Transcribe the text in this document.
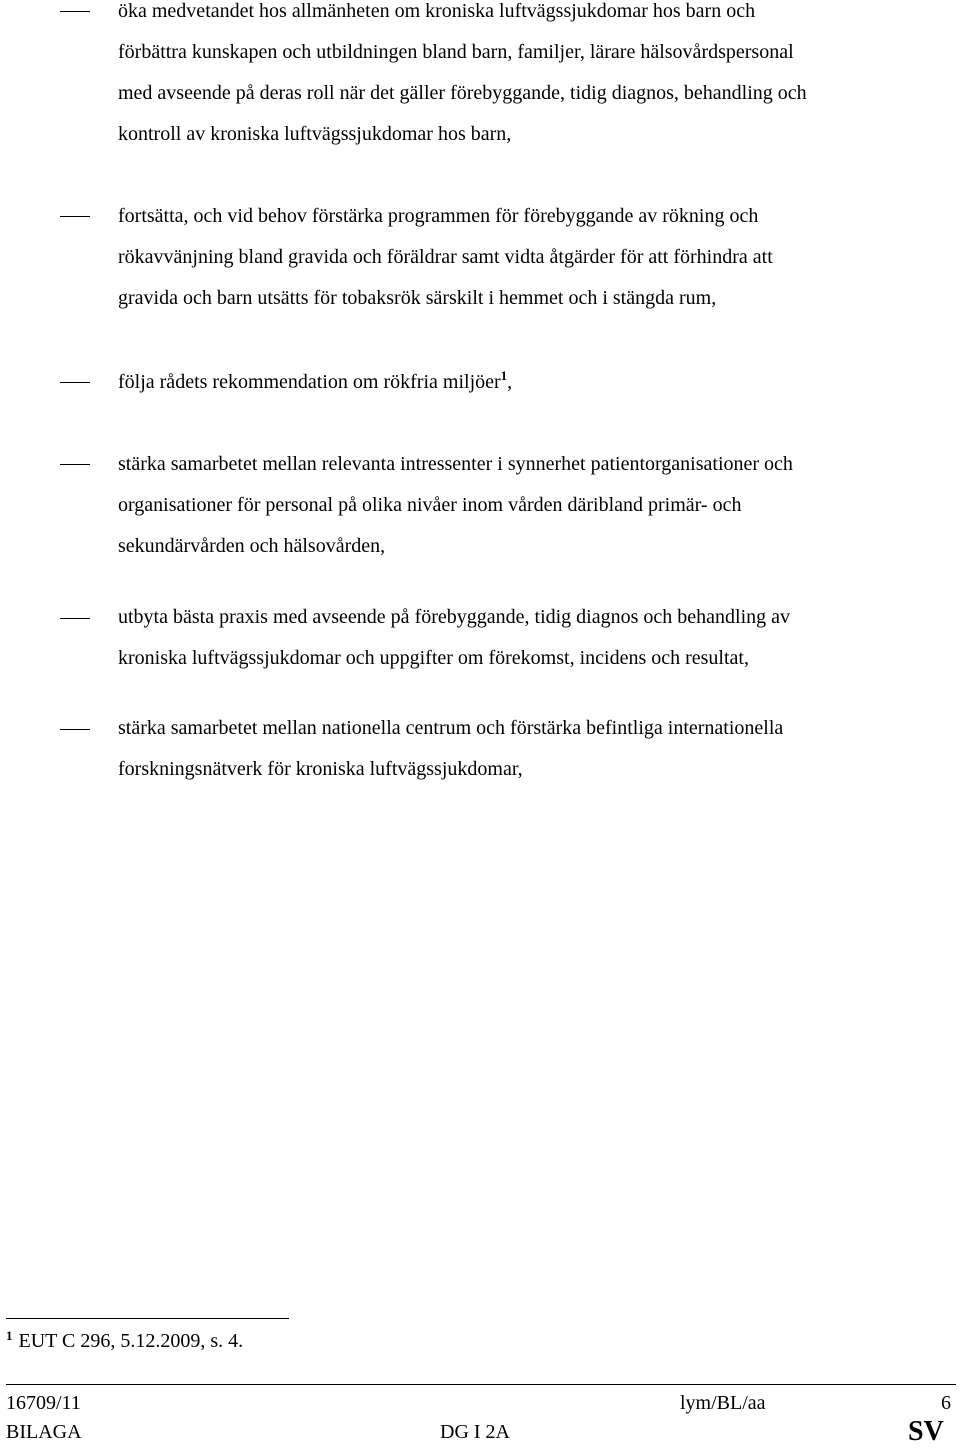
öka medvetandet hos allmänheten om kroniska luftvägssjukdomar hos barn och
förbättra kunskapen och utbildningen bland barn, familjer, lärare hälsovårdspersonal
med avseende på deras roll när det gäller förebyggande, tidig diagnos, behandling och
kontroll av kroniska luftvägssjukdomar hos barn,
fortsätta, och vid behov förstärka programmen för förebyggande av rökning och
rökavvänjning bland gravida och föräldrar samt vidta åtgärder för att förhindra att
gravida och barn utsätts för tobaksrök särskilt i hemmet och i stängda rum,
följa rådets rekommendation om rökfria miljöer$^1$,
stärka samarbetet mellan relevanta intressenter i synnerhet patientorganisationer och
organisationer för personal på olika nivåer inom vården däribland primär- och
sekundärvården och hälsovården,
utbyta bästa praxis med avseende på förebyggande, tidig diagnos och behandling av
kroniska luftvägssjukdomar och uppgifter om förekomst, incidens och resultat,
stärka samarbetet mellan nationella centrum och förstärka befintliga internationella
forskningsnätverk för kroniska luftvägssjukdomar,
$^1$ EUT C 296, 5.12.2009, s. 4.
16709/11
BILAGA
lym/BL/aa
DG I 2A
6
SV
